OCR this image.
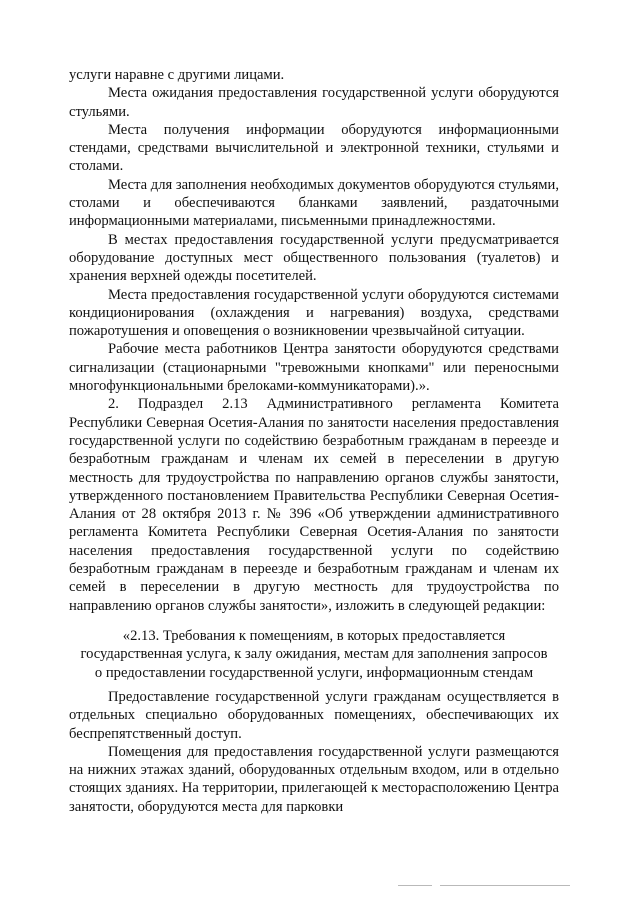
услуги наравне с другими лицами.

Места ожидания предоставления государственной услуги оборудуются стульями.

Места получения информации оборудуются информационными стендами, средствами вычислительной и электронной техники, стульями и столами.

Места для заполнения необходимых документов оборудуются стульями, столами и обеспечиваются бланками заявлений, раздаточными информационными материалами, письменными принадлежностями.

В местах предоставления государственной услуги предусматривается оборудование доступных мест общественного пользования (туалетов) и хранения верхней одежды посетителей.

Места предоставления государственной услуги оборудуются системами кондиционирования (охлаждения и нагревания) воздуха, средствами пожаротушения и оповещения о возникновении чрезвычайной ситуации.

Рабочие места работников Центра занятости оборудуются средствами сигнализации (стационарными "тревожными кнопками" или переносными многофункциональными брелоками-коммуникаторами).».

2. Подраздел 2.13 Административного регламента Комитета Республики Северная Осетия-Алания по занятости населения предоставления государственной услуги по содействию безработным гражданам в переезде и безработным гражданам и членам их семей в переселении в другую местность для трудоустройства по направлению органов службы занятости, утвержденного постановлением Правительства Республики Северная Осетия-Алания от 28 октября 2013 г. № 396 «Об утверждении административного регламента Комитета Республики Северная Осетия-Алания по занятости населения предоставления государственной услуги по содействию безработным гражданам в переезде и безработным гражданам и членам их семей в переселении в другую местность для трудоустройства по направлению органов службы занятости», изложить в следующей редакции:

«2.13. Требования к помещениям, в которых предоставляется
государственная услуга, к залу ожидания, местам для заполнения запросов
о предоставлении государственной услуги, информационным стендам

Предоставление государственной услуги гражданам осуществляется в отдельных специально оборудованных помещениях, обеспечивающих их беспрепятственный доступ.

Помещения для предоставления государственной услуги размещаются на нижних этажах зданий, оборудованных отдельным входом, или в отдельно стоящих зданиях. На территории, прилегающей к месторасположению Центра занятости, оборудуются места для парковки
